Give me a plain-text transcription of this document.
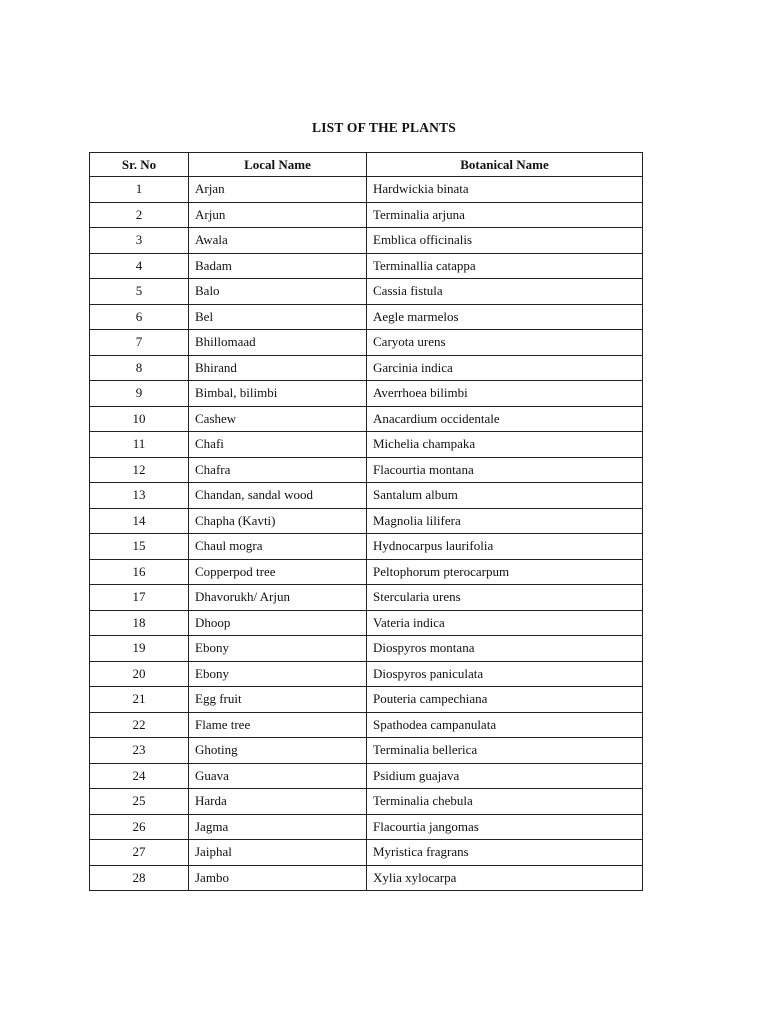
LIST OF THE PLANTS
Sr. No	Local Name	Botanical Name
1	Arjan	Hardwickia binata
2	Arjun	Terminalia arjuna
3	Awala	Emblica officinalis
4	Badam	Terminallia catappa
5	Balo	Cassia fistula
6	Bel	Aegle marmelos
7	Bhillomaad	Caryota urens
8	Bhirand	Garcinia indica
9	Bimbal, bilimbi	Averrhoea bilimbi
10	Cashew	Anacardium occidentale
11	Chafi	Michelia champaka
12	Chafra	Flacourtia montana
13	Chandan, sandal wood	Santalum album
14	Chapha (Kavti)	Magnolia lilifera
15	Chaul mogra	Hydnocarpus laurifolia
16	Copperpod tree	Peltophorum pterocarpum
17	Dhavorukh/ Arjun	Stercularia urens
18	Dhoop	Vateria indica
19	Ebony	Diospyros montana
20	Ebony	Diospyros paniculata
21	Egg fruit	Pouteria campechiana
22	Flame tree	Spathodea campanulata
23	Ghoting	Terminalia bellerica
24	Guava	Psidium guajava
25	Harda	Terminalia chebula
26	Jagma	Flacourtia jangomas
27	Jaiphal	Myristica fragrans
28	Jambo	Xylia xylocarpa
